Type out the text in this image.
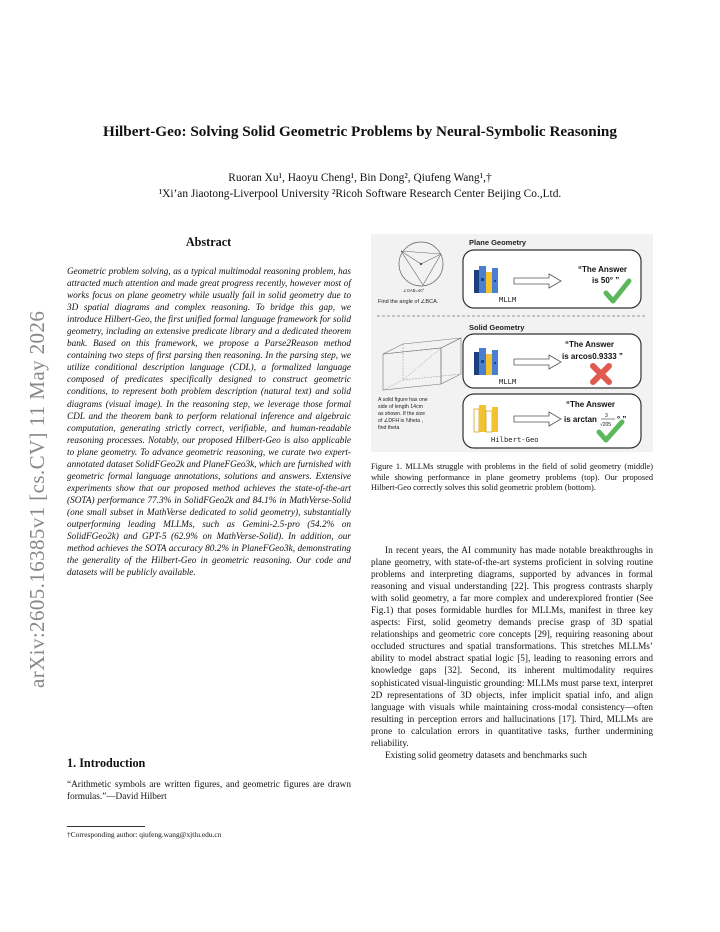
arXiv:2605.16385v1 [cs.CV] 11 May 2026
Hilbert-Geo: Solving Solid Geometric Problems by Neural-Symbolic Reasoning
Ruoran Xu¹, Haoyu Cheng¹, Bin Dong², Qiufeng Wang¹,†
¹Xi’an Jiaotong-Liverpool University ²Ricoh Software Research Center Beijing Co.,Ltd.
Abstract
Geometric problem solving, as a typical multimodal reasoning problem, has attracted much attention and made great progress recently, however most of works focus on plane geometry while usually fail in solid geometry due to 3D spatial diagrams and complex reasoning. To bridge this gap, we introduce Hilbert-Geo, the first unified formal language framework for solid geometry, including an extensive predicate library and a dedicated theorem bank. Based on this framework, we propose a Parse2Reason method containing two steps of first parsing then reasoning. In the parsing step, we utilize conditional description language (CDL), a formalized language composed of predicates specifically designed to construct geometric conditions, to represent both problem description (natural text) and solid diagrams (visual image). In the reasoning step, we leverage those formal CDL and the theorem bank to perform relational inference and algebraic computation, generating strictly correct, verifiable, and human-readable reasoning processes. Notably, our proposed Hilbert-Geo is also applicable to plane geometry. To advance geometric reasoning, we curate two expert-annotated dataset SolidFGeo2k and PlaneFGeo3k, which are furnished with geometric formal language annotations, solutions and answers. Extensive experiments show that our proposed method achieves the state-of-the-art (SOTA) performance 77.3% in SolidFGeo2k and 84.1% in MathVerse-Solid (one small subset in MathVerse dedicated to solid geometry), substantially outperforming leading MLLMs, such as Gemini-2.5-pro (54.2% on SolidFGeo2k) and GPT-5 (62.9% on MathVerse-Solid). In addition, our method achieves the SOTA accuracy 80.2% in PlaneFGeo3k, demonstrating the generality of the Hilbert-Geo in geometric reasoning. Our code and datasets will be publicly available.
1. Introduction
“Arithmetic symbols are written figures, and geometric figures are drawn formulas.”—David Hilbert
†Corresponding author: qiufeng.wang@xjtlu.edu.cn
Plane Geometry
∠OAB=40°
Find the angle of ∠BCA.	MLLM
“The Answer
is 50° ”
Solid Geometry
A solid figure has one
side of length 14cm
as shown. If the size
of ∠DFH is \\theta ,
find theta
MLLM
“The Answer
is arcos0.9333 ”
Hilbert-Geo
“The Answer
is arctan 3
√205
° ”
Figure 1. MLLMs struggle with problems in the field of solid geometry (middle) while showing performance in plane geometry problems (top). Our proposed Hilbert-Geo correctly solves this solid geometric problem (bottom).

In recent years, the AI community has made notable breakthroughs in plane geometry, with state-of-the-art systems proficient in solving routine problems and interpreting diagrams, supported by advances in formal reasoning and visual understanding [22]. This progress contrasts sharply with solid geometry, a far more complex and underexplored frontier (See Fig.1) that poses formidable hurdles for MLLMs, manifest in three key aspects: First, solid geometry demands precise grasp of 3D spatial relationships and geometric core concepts [29], requiring reasoning about occluded structures and spatial transformations. This stretches MLLMs’ ability to model abstract spatial logic [5], leading to reasoning errors and knowledge gaps [32]. Second, its inherent multimodality requires sophisticated visual-linguistic grounding: MLLMs must parse text, interpret 2D representations of 3D objects, infer implicit spatial info, and align language with visuals while maintaining cross-modal consistency—often resulting in perception errors and hallucinations [17]. Third, MLLMs are prone to calculation errors in quantitative tasks, further undermining reliability.

Existing solid geometry datasets and benchmarks such
